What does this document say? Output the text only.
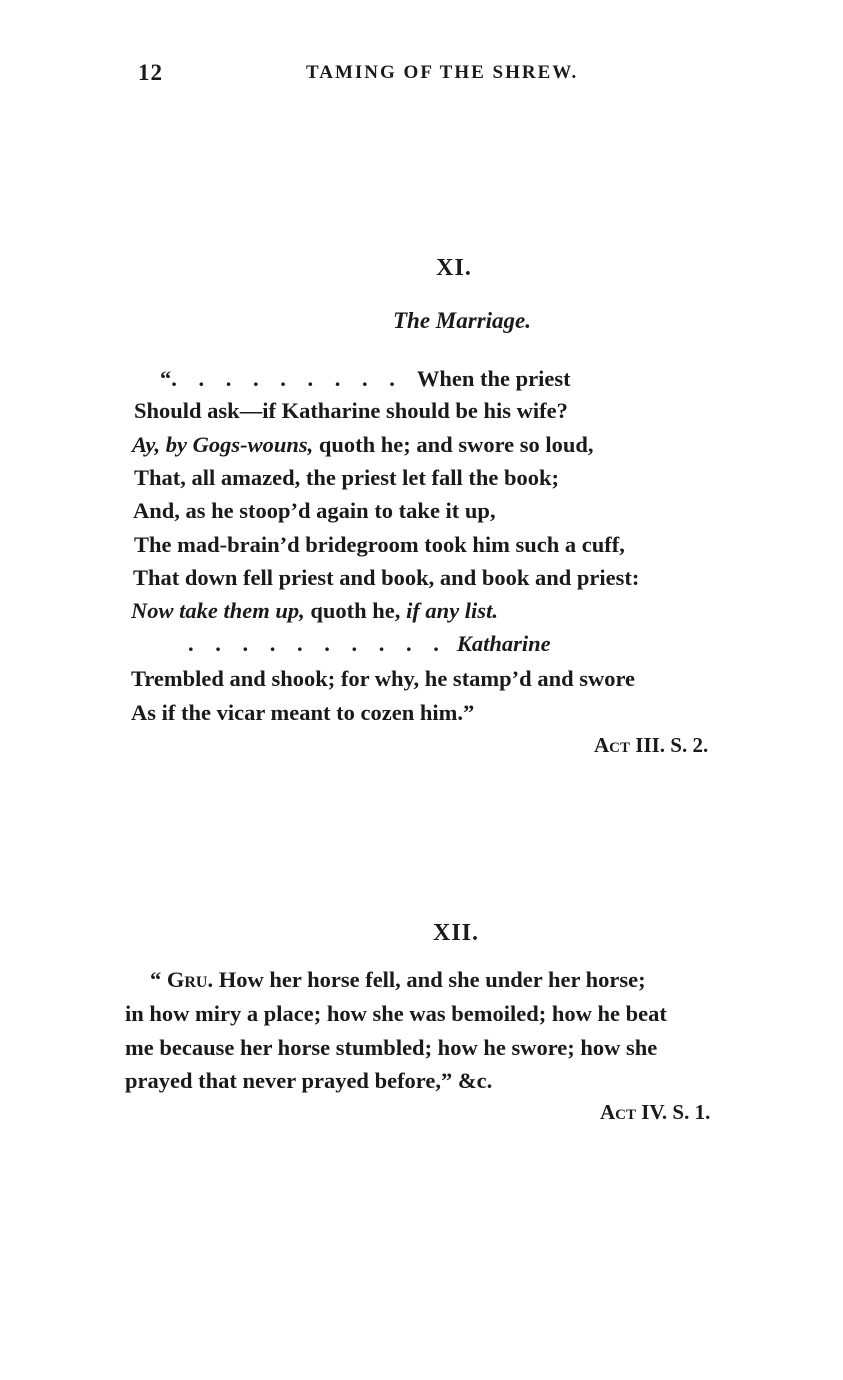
12	TAMING OF THE SHREW.
XI.
The Marriage.
“. . . . . . . . . When the priest
Should ask—if Katharine should be his wife?
Ay, by Gogs-wouns, quoth he; and swore so loud,
That, all amazed, the priest let fall the book;
And, as he stoop’d again to take it up,
The mad-brain’d bridegroom took him such a cuff,
That down fell priest and book, and book and priest:
Now take them up, quoth he, if any list.
. . . . . . . . . . Katharine
Trembled and shook; for why, he stamp’d and swore
As if the vicar meant to cozen him.”
Act III. S. 2.
XII.
“ Gru. How her horse fell, and she under her horse;
in how miry a place; how she was bemoiled; how he beat
me because her horse stumbled; how he swore; how she
prayed that never prayed before,” &c.
Act IV. S. 1.
